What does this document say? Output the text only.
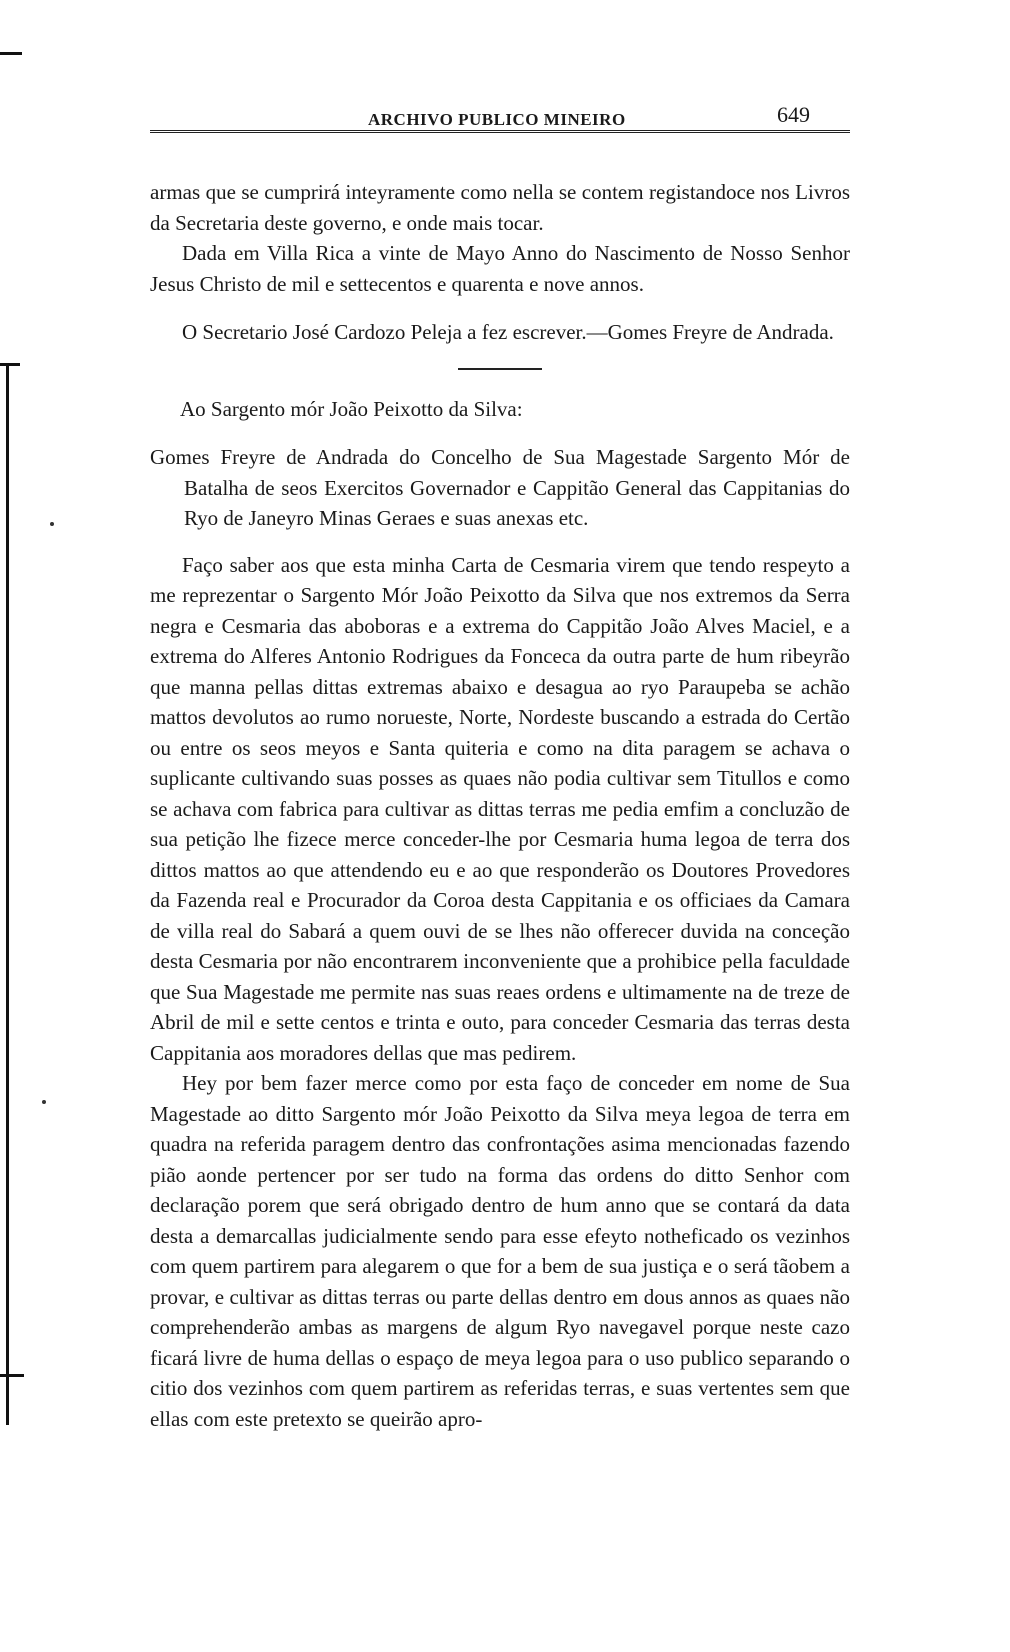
ARCHIVO PUBLICO MINEIRO	649

armas que se cumprirá inteyramente como nella se contem registandoce nos Livros da Secretaria deste governo, e onde mais tocar.

Dada em Villa Rica a vinte de Mayo Anno do Nascimento de Nosso Senhor Jesus Christo de mil e settecentos e quarenta e nove annos.

O Secretario José Cardozo Peleja a fez escrever.—Gomes Freyre de Andrada.

Ao Sargento mór João Peixotto da Silva:

Gomes Freyre de Andrada do Concelho de Sua Magestade Sargento Mór de Batalha de seos Exercitos Governador e Cappitão General das Cappitanias do Ryo de Janeyro Minas Geraes e suas anexas etc.

Faço saber aos que esta minha Carta de Cesmaria virem que tendo respeyto a me reprezentar o Sargento Mór João Peixotto da Silva que nos extremos da Serra negra e Cesmaria das aboboras e a extrema do Cappitão João Alves Maciel, e a extrema do Alferes Antonio Rodrigues da Fonceca da outra parte de hum ribeyrão que manna pellas dittas extremas abaixo e desagua ao ryo Paraupeba se achão mattos devolutos ao rumo norueste, Norte, Nordeste buscando a estrada do Certão ou entre os seos meyos e Santa quiteria e como na dita paragem se achava o suplicante cultivando suas posses as quaes não podia cultivar sem Titullos e como se achava com fabrica para cultivar as dittas terras me pedia emfim a concluzão de sua petição lhe fizece merce conceder-lhe por Cesmaria huma legoa de terra dos dittos mattos ao que attendendo eu e ao que responderão os Doutores Provedores da Fazenda real e Procurador da Coroa desta Cappitania e os officiaes da Camara de villa real do Sabará a quem ouvi de se lhes não offerecer duvida na conceção desta Cesmaria por não encontrarem inconveniente que a prohibice pella faculdade que Sua Magestade me permite nas suas reaes ordens e ultimamente na de treze de Abril de mil e sette centos e trinta e outo, para conceder Cesmaria das terras desta Cappitania aos moradores dellas que mas pedirem.

Hey por bem fazer merce como por esta faço de conceder em nome de Sua Magestade ao ditto Sargento mór João Peixotto da Silva meya legoa de terra em quadra na referida paragem dentro das confrontações asima mencionadas fazendo pião aonde pertencer por ser tudo na forma das ordens do ditto Senhor com declaração porem que será obrigado dentro de hum anno que se contará da data desta a demarcallas judicialmente sendo para esse efeyto notheficado os vezinhos com quem partirem para alegarem o que for a bem de sua justiça e o será tãobem a provar, e cultivar as dittas terras ou parte dellas dentro em dous annos as quaes não comprehenderão ambas as margens de algum Ryo navegavel porque neste cazo ficará livre de huma dellas o espaço de meya legoa para o uso publico separando o citio dos vezinhos com quem partirem as referidas terras, e suas vertentes sem que ellas com este pretexto se queirão apro-
